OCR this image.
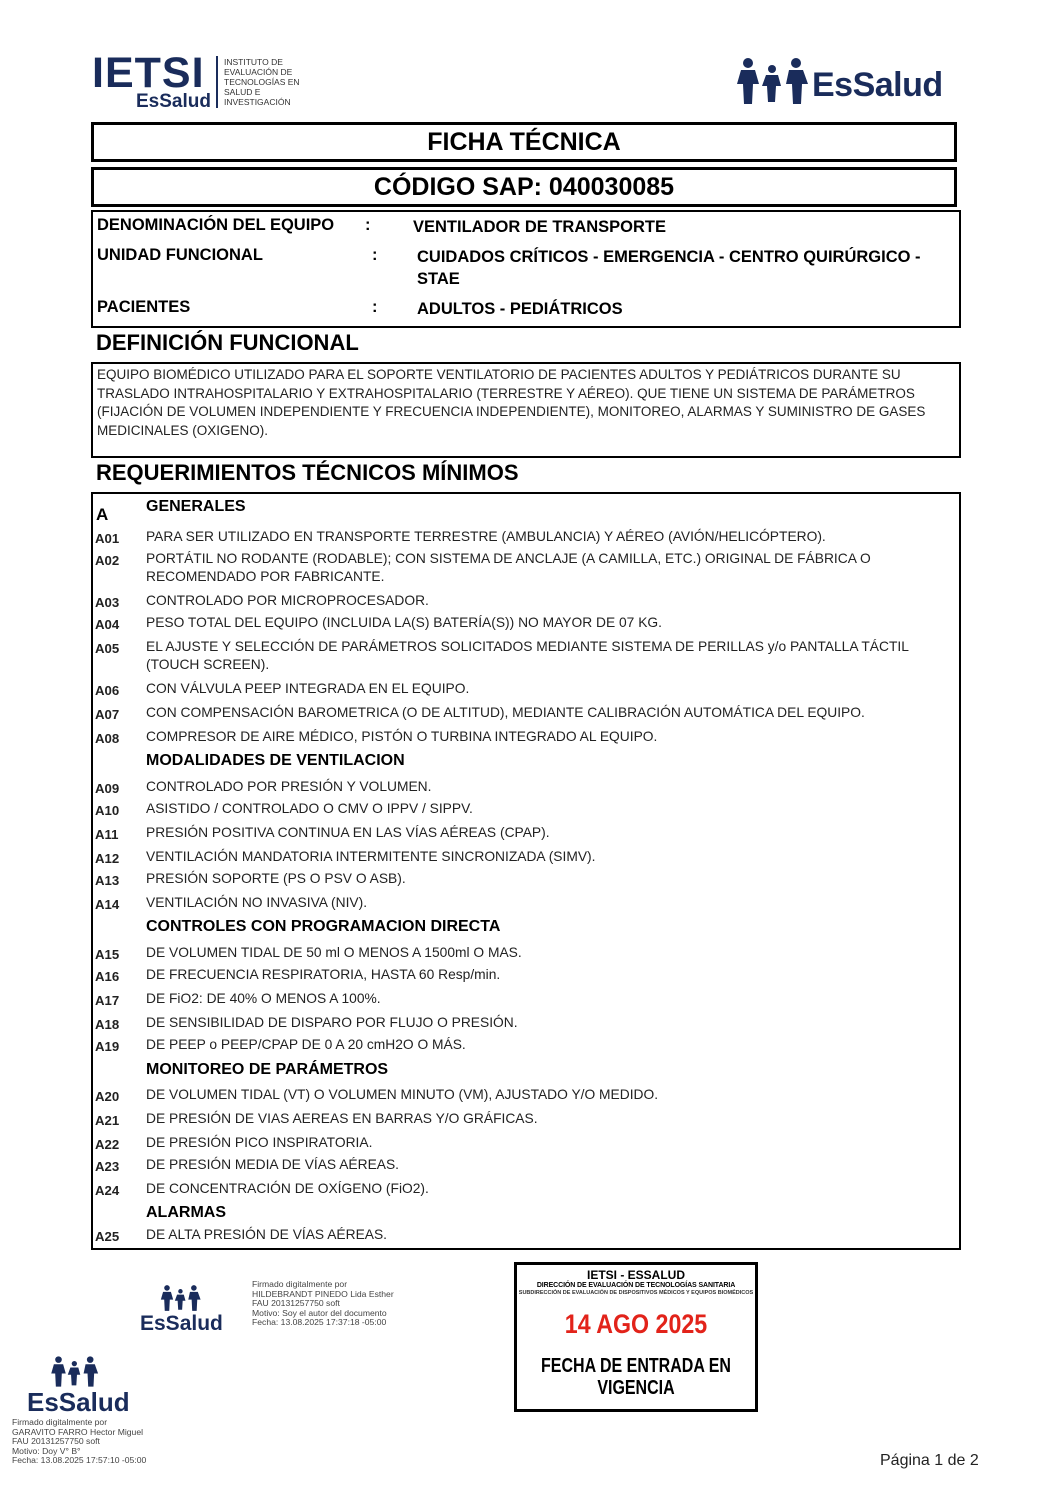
IETSI
EsSalud
INSTITUTO DE
EVALUACIÓN DE
TECNOLOGÍAS EN
SALUD E
INVESTIGACIÓN	EsSalud
FICHA TÉCNICA
CÓDIGO SAP: 040030085
DENOMINACIÓN DEL EQUIPO :	VENTILADOR DE TRANSPORTE
UNIDAD FUNCIONAL	: CUIDADOS CRÍTICOS - EMERGENCIA - CENTRO QUIRÚRGICO - STAE
PACIENTES	: ADULTOS - PEDIÁTRICOS
DEFINICIÓN FUNCIONAL
EQUIPO BIOMÉDICO UTILIZADO PARA EL SOPORTE VENTILATORIO DE PACIENTES ADULTOS Y PEDIÁTRICOS DURANTE SU TRASLADO INTRAHOSPITALARIO Y EXTRAHOSPITALARIO (TERRESTRE Y AÉREO). QUE TIENE UN SISTEMA DE PARÁMETROS (FIJACIÓN DE VOLUMEN INDEPENDIENTE Y FRECUENCIA INDEPENDIENTE), MONITOREO, ALARMAS Y SUMINISTRO DE GASES MEDICINALES (OXIGENO).
REQUERIMIENTOS TÉCNICOS MÍNIMOS
A GENERALES
A01	PARA SER UTILIZADO EN TRANSPORTE TERRESTRE (AMBULANCIA) Y AÉREO (AVIÓN/HELICÓPTERO).
A02	PORTÁTIL NO RODANTE (RODABLE); CON SISTEMA DE ANCLAJE (A CAMILLA, ETC.) ORIGINAL DE FÁBRICA O RECOMENDADO POR FABRICANTE.
A03	CONTROLADO POR MICROPROCESADOR.
A04	PESO TOTAL DEL EQUIPO (INCLUIDA LA(S) BATERÍA(S)) NO MAYOR DE 07 KG.
A05	EL AJUSTE Y SELECCIÓN DE PARÁMETROS SOLICITADOS MEDIANTE SISTEMA DE PERILLAS y/o PANTALLA TÁCTIL (TOUCH SCREEN).
A06	CON VÁLVULA PEEP INTEGRADA EN EL EQUIPO.
A07	CON COMPENSACIÓN BAROMETRICA (O DE ALTITUD), MEDIANTE CALIBRACIÓN AUTOMÁTICA DEL EQUIPO.
A08	COMPRESOR DE AIRE MÉDICO, PISTÓN O TURBINA INTEGRADO AL EQUIPO.
MODALIDADES DE VENTILACION
A09	CONTROLADO POR PRESIÓN Y VOLUMEN.
A10	ASISTIDO / CONTROLADO O CMV O IPPV / SIPPV.
A11	PRESIÓN POSITIVA CONTINUA EN LAS VÍAS AÉREAS (CPAP).
A12	VENTILACIÓN MANDATORIA INTERMITENTE SINCRONIZADA (SIMV).
A13	PRESIÓN SOPORTE (PS O PSV O ASB).
A14	VENTILACIÓN NO INVASIVA (NIV).
CONTROLES CON PROGRAMACION DIRECTA
A15	DE VOLUMEN TIDAL DE 50 ml O MENOS A 1500ml O MAS.
A16	DE FRECUENCIA RESPIRATORIA, HASTA 60 Resp/min.
A17	DE FiO2: DE 40% O MENOS A 100%.
A18	DE SENSIBILIDAD DE DISPARO POR FLUJO O PRESIÓN.
A19	DE PEEP o PEEP/CPAP DE 0 A 20 cmH2O O MÁS.
MONITOREO DE PARÁMETROS
A20	DE VOLUMEN TIDAL (VT) O VOLUMEN MINUTO (VM), AJUSTADO Y/O MEDIDO.
A21	DE PRESIÓN DE VIAS AEREAS EN BARRAS Y/O GRÁFICAS.
A22	DE PRESIÓN PICO INSPIRATORIA.
A23	DE PRESIÓN MEDIA DE VÍAS AÉREAS.
A24	DE CONCENTRACIÓN DE OXÍGENO (FiO2).
ALARMAS
A25	DE ALTA PRESIÓN DE VÍAS AÉREAS.
EsSalud
Firmado digitalmente por
HILDEBRANDT PINEDO Lida Esther
FAU 20131257750 soft
Motivo: Soy el autor del documento
Fecha: 13.08.2025 17:37:18 -05:00
EsSalud
Firmado digitalmente por
GARAVITO FARRO Hector Miguel
FAU 20131257750 soft
Motivo: Doy V° B°
Fecha: 13.08.2025 17:57:10 -05:00
IETSI - ESSALUD
DIRECCIÓN DE EVALUACIÓN DE TECNOLOGÍAS SANITARIA
SUBDIRECCIÓN DE EVALUACIÓN DE DISPOSITIVOS MÉDICOS Y EQUIPOS BIOMÉDICOS
14 AGO 2025
FECHA DE ENTRADA EN VIGENCIA
Página 1 de 2
